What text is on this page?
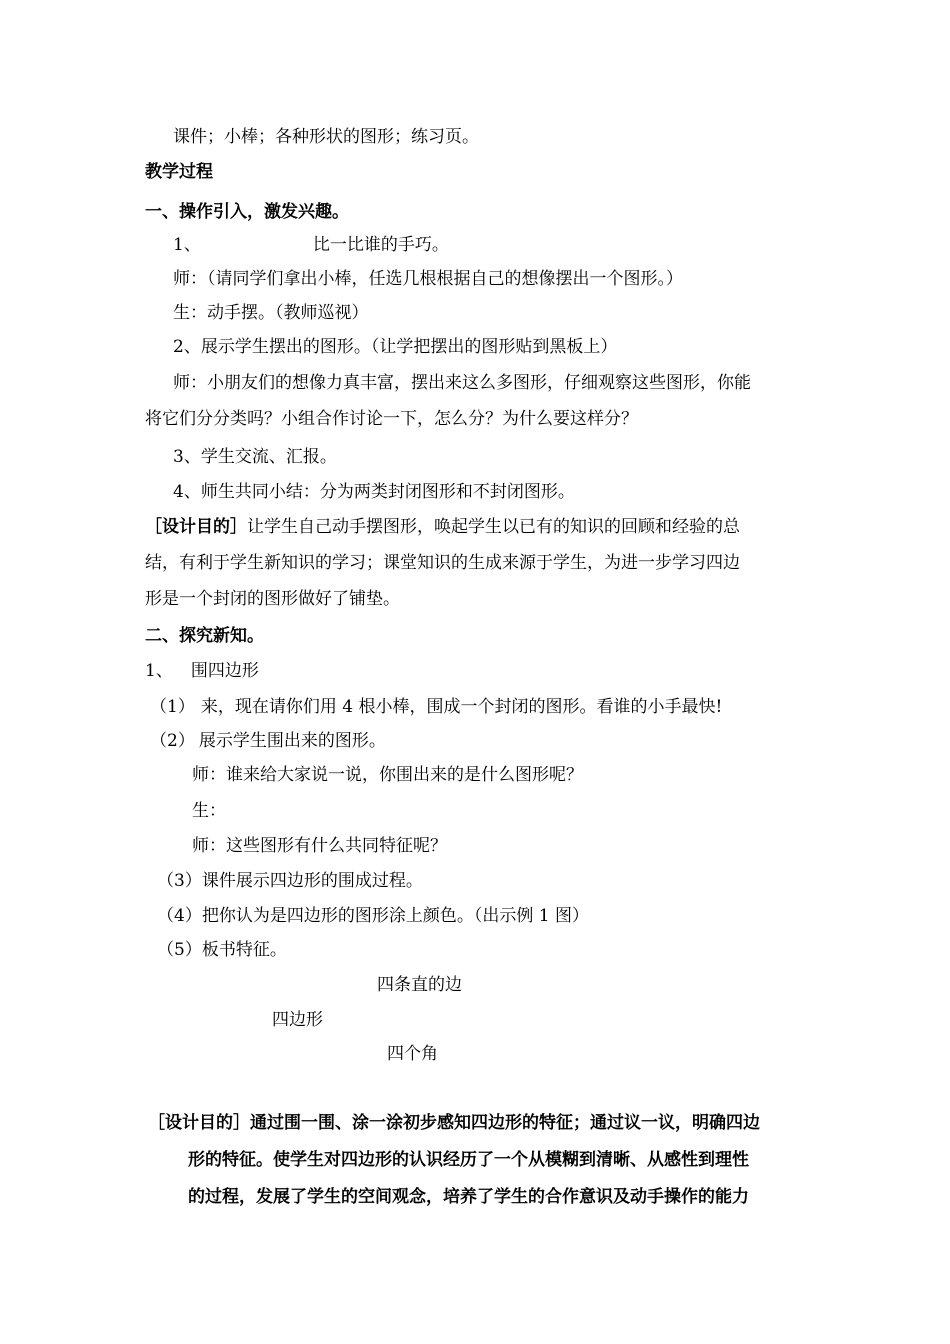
课件；小棒；各种形状的图形；练习页。
教学过程
一、操作引入，激发兴趣。
1、	比一比谁的手巧。
师：（请同学们拿出小棒，任选几根根据自己的想像摆出一个图形。）
生：动手摆。（教师巡视）
2、展示学生摆出的图形。（让学把摆出的图形贴到黑板上）
师：小朋友们的想像力真丰富，摆出来这么多图形，仔细观察这些图形，你能
将它们分分类吗？小组合作讨论一下，怎么分？为什么要这样分？
3、学生交流、汇报。
4、师生共同小结：分为两类封闭图形和不封闭图形。
［设计目的］让学生自己动手摆图形，唤起学生以已有的知识的回顾和经验的总
结，有利于学生新知识的学习；课堂知识的生成来源于学生，为进一步学习四边
形是一个封闭的图形做好了铺垫。
二、探究新知。
1、 围四边形
（1） 来，现在请你们用 4 根小棒，围成一个封闭的图形。看谁的小手最快!
（2） 展示学生围出来的图形。
师：谁来给大家说一说，你围出来的是什么图形呢？
生：
师：这些图形有什么共同特征呢？
（3）课件展示四边形的围成过程。
（4）把你认为是四边形的图形涂上颜色。（出示例 1 图）
（5）板书特征。
四条直的边
四边形
四个角
［设计目的］通过围一围、涂一涂初步感知四边形的特征；通过议一议，明确四边
形的特征。使学生对四边形的认识经历了一个从模糊到清晰、从感性到理性
的过程，发展了学生的空间观念，培养了学生的合作意识及动手操作的能力
